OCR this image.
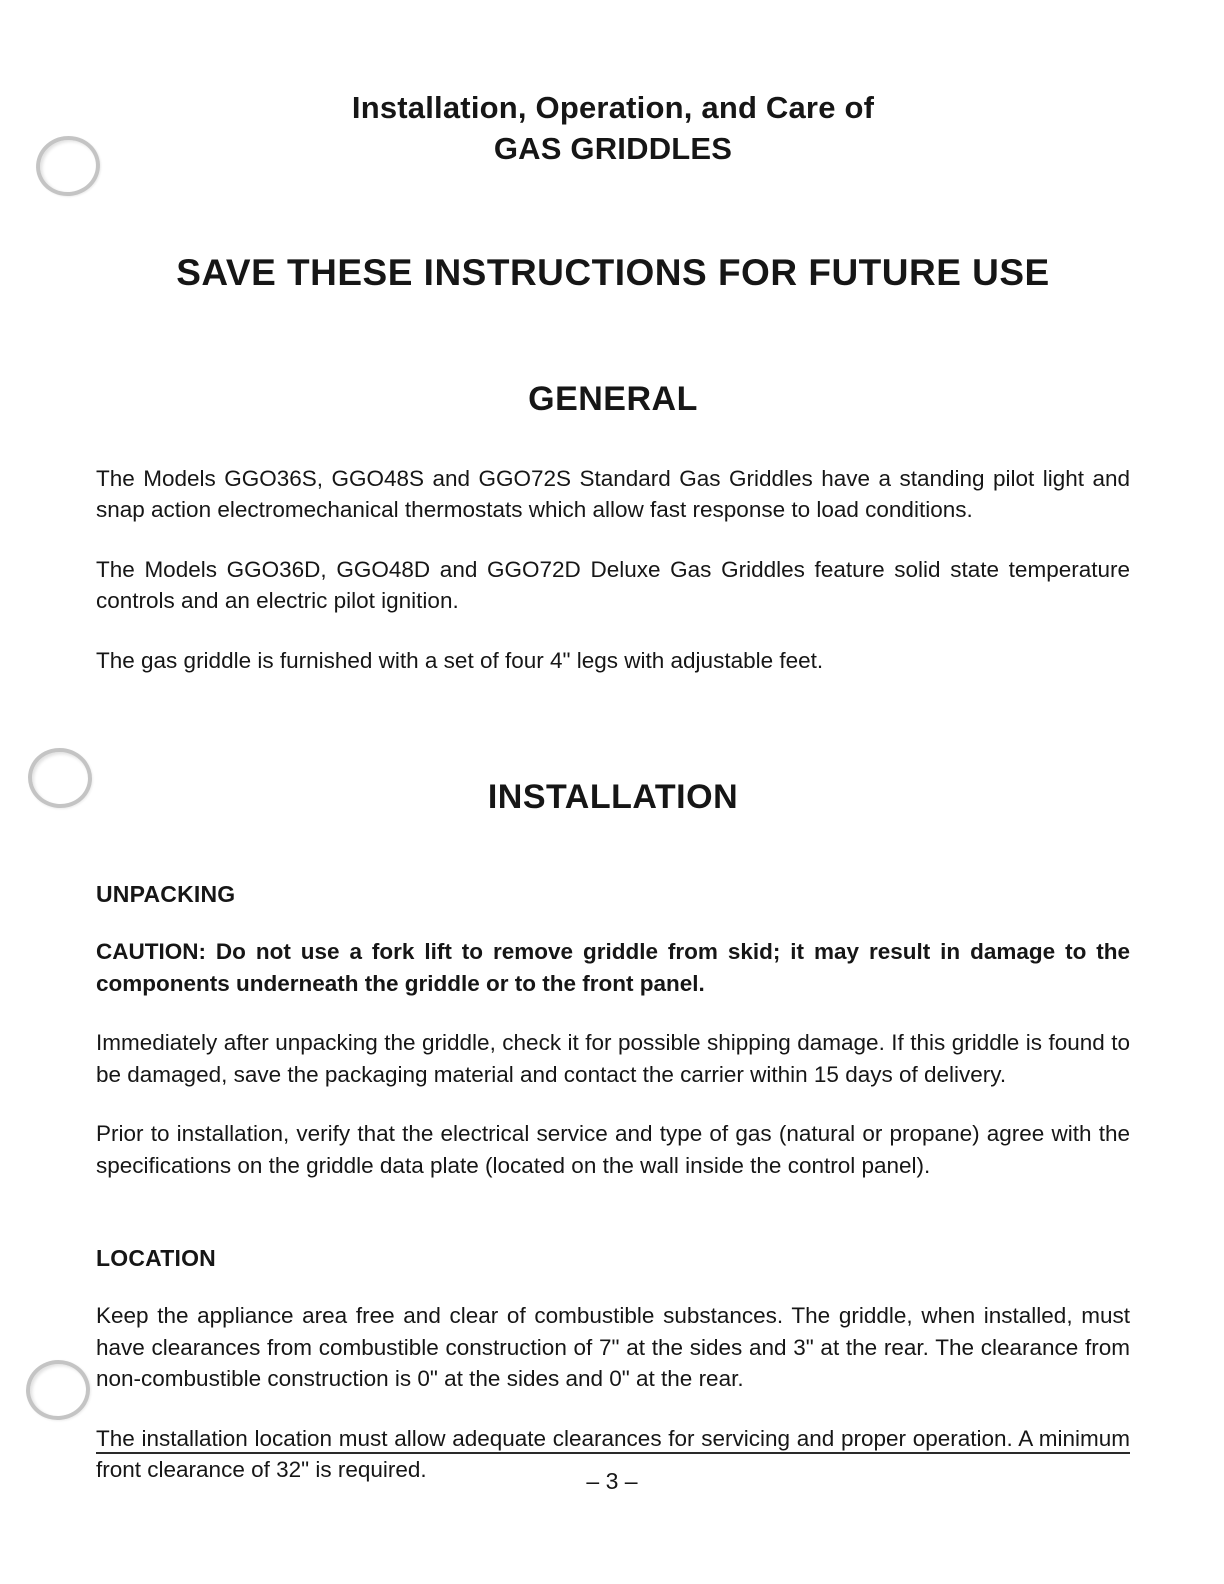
Installation, Operation, and Care of
GAS GRIDDLES
SAVE THESE INSTRUCTIONS FOR FUTURE USE
GENERAL

The Models GGO36S, GGO48S and GGO72S Standard Gas Griddles have a standing pilot light and snap action electromechanical thermostats which allow fast response to load conditions.

The Models GGO36D, GGO48D and GGO72D Deluxe Gas Griddles feature solid state temperature controls and an electric pilot ignition.

The gas griddle is furnished with a set of four 4" legs with adjustable feet.

INSTALLATION
UNPACKING

CAUTION: Do not use a fork lift to remove griddle from skid; it may result in damage to the components underneath the griddle or to the front panel.

Immediately after unpacking the griddle, check it for possible shipping damage. If this griddle is found to be damaged, save the packaging material and contact the carrier within 15 days of delivery.

Prior to installation, verify that the electrical service and type of gas (natural or propane) agree with the specifications on the griddle data plate (located on the wall inside the control panel).

LOCATION

Keep the appliance area free and clear of combustible substances. The griddle, when installed, must have clearances from combustible construction of 7" at the sides and 3" at the rear. The clearance from non-combustible construction is 0" at the sides and 0" at the rear.

The installation location must allow adequate clearances for servicing and proper operation. A minimum front clearance of 32" is required.	– 3 –
